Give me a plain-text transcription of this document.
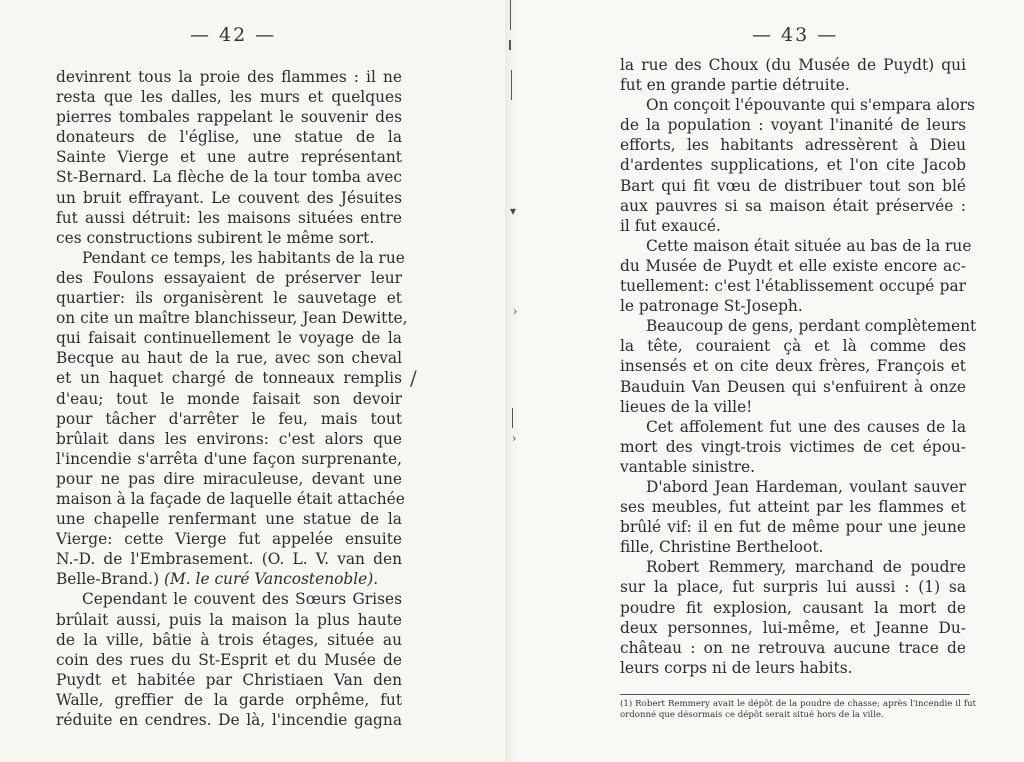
▾
›
›
/
— 42 —	— 43 —
devinrent tous la proie des flammes : il ne
resta que les dalles, les murs et quelques
pierres tombales rappelant le souvenir des
donateurs de l'église, une statue de la
Sainte Vierge et une autre représentant
St-Bernard. La flèche de la tour tomba avec
un bruit effrayant. Le couvent des Jésuites
fut aussi détruit: les maisons situées entre
ces constructions subirent le même sort.
Pendant ce temps, les habitants de la rue
des Foulons essayaient de préserver leur
quartier: ils organisèrent le sauvetage et
on cite un maître blanchisseur, Jean Dewitte,
qui faisait continuellement le voyage de la
Becque au haut de la rue, avec son cheval
et un haquet chargé de tonneaux remplis
d'eau; tout le monde faisait son devoir
pour tâcher d'arrêter le feu, mais tout
brûlait dans les environs: c'est alors que
l'incendie s'arrêta d'une façon surprenante,
pour ne pas dire miraculeuse, devant une
maison à la façade de laquelle était attachée
une chapelle renfermant une statue de la
Vierge: cette Vierge fut appelée ensuite
N.-D. de l'Embrasement. (O. L. V. van den
Belle-Brand.) (M. le curé Vancostenoble).
Cependant le couvent des Sœurs Grises
brûlait aussi, puis la maison la plus haute
de la ville, bâtie à trois étages, située au
coin des rues du St-Esprit et du Musée de
Puydt et habitée par Christiaen Van den
Walle, greffier de la garde orphême, fut
réduite en cendres. De là, l'incendie gagna
la rue des Choux (du Musée de Puydt) qui
fut en grande partie détruite.
On conçoit l'épouvante qui s'empara alors
de la population : voyant l'inanité de leurs
efforts, les habitants adressèrent à Dieu
d'ardentes supplications, et l'on cite Jacob
Bart qui fit vœu de distribuer tout son blé
aux pauvres si sa maison était préservée :
il fut exaucé.
Cette maison était située au bas de la rue
du Musée de Puydt et elle existe encore ac-
tuellement: c'est l'établissement occupé par
le patronage St-Joseph.
Beaucoup de gens, perdant complètement
la tête, couraient çà et là comme des
insensés et on cite deux frères, François et
Bauduin Van Deusen qui s'enfuirent à onze
lieues de la ville!
Cet affolement fut une des causes de la
mort des vingt-trois victimes de cet épou-
vantable sinistre.
D'abord Jean Hardeman, voulant sauver
ses meubles, fut atteint par les flammes et
brûlé vif: il en fut de même pour une jeune
fille, Christine Bertheloot.
Robert Remmery, marchand de poudre
sur la place, fut surpris lui aussi : (1) sa
poudre fit explosion, causant la mort de
deux personnes, lui-même, et Jeanne Du-
château : on ne retrouva aucune trace de
leurs corps ni de leurs habits.
(1) Robert Remmery avait le dépôt de la poudre de chasse; après l'incendie il fut ordonné que désormais ce dépôt serait situé hors de la ville.
